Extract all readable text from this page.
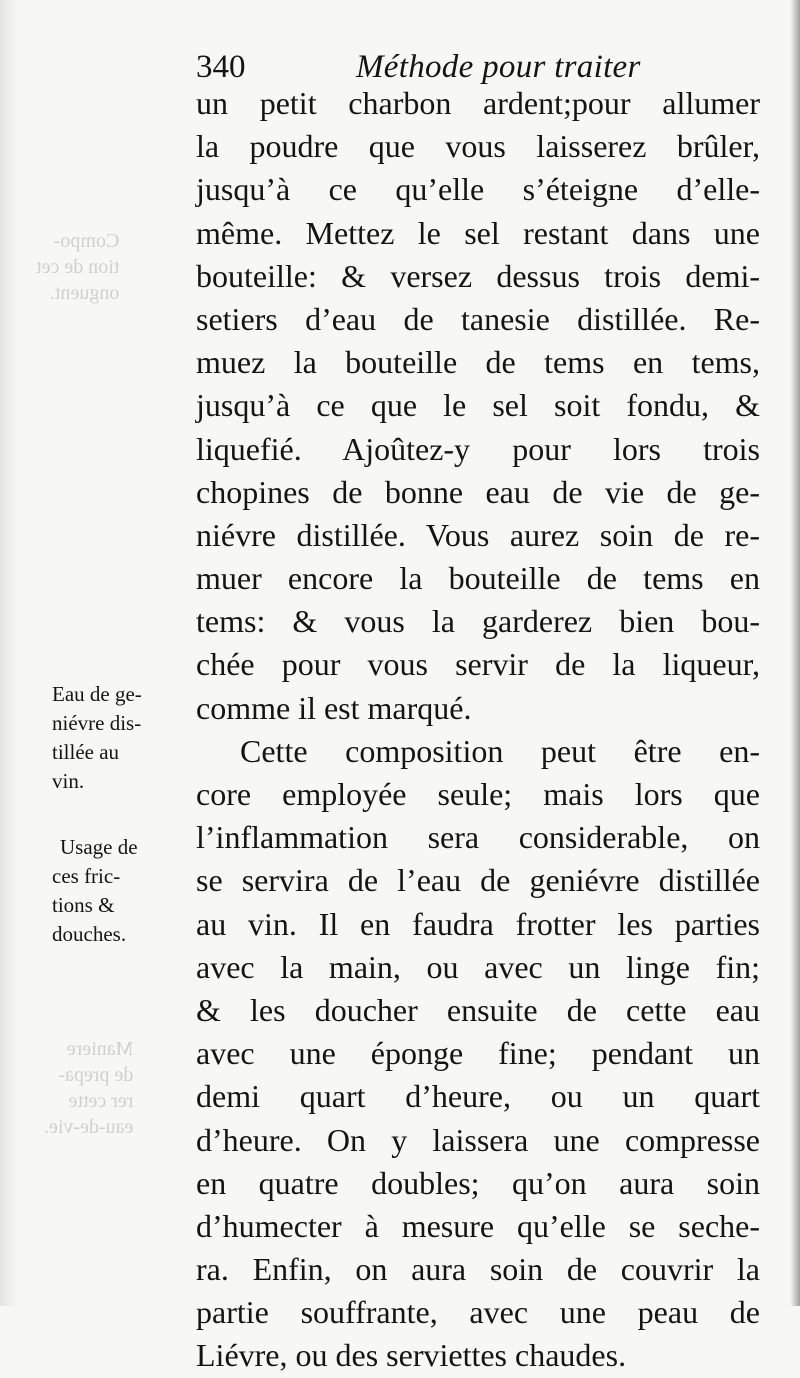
Compo-
tion de cet
onguent.
Maniere
de prepa-
rer cette
eau-de-vie.
340	Méthode pour traiter
un petit charbon ardent;pour allumer
la poudre que vous laisserez brûler,
jusqu’à ce qu’elle s’éteigne d’elle-
même. Mettez le sel restant dans une
bouteille: & versez dessus trois demi-
setiers d’eau de tanesie distillée. Re-
muez la bouteille de tems en tems,
jusqu’à ce que le sel soit fondu, &
liquefié. Ajoûtez-y pour lors trois
chopines de bonne eau de vie de ge-
niévre distillée. Vous aurez soin de re-
muer encore la bouteille de tems en
tems: & vous la garderez bien bou-
chée pour vous servir de la liqueur,
comme il est marqué.
Cette composition peut être en-
core employée seule; mais lors que
l’inflammation sera considerable, on
se servira de l’eau de geniévre distillée
au vin. Il en faudra frotter les parties
avec la main, ou avec un linge fin;
& les doucher ensuite de cette eau
avec une éponge fine; pendant un
demi quart d’heure, ou un quart
d’heure. On y laissera une compresse
en quatre doubles; qu’on aura soin
d’humecter à mesure qu’elle se seche-
ra. Enfin, on aura soin de couvrir la
partie souffrante, avec une peau de
Liévre, ou des serviettes chaudes.
Eau de ge-
niévre dis-
tillée au
vin.
Usage de
ces fric-
tions &
douches.
